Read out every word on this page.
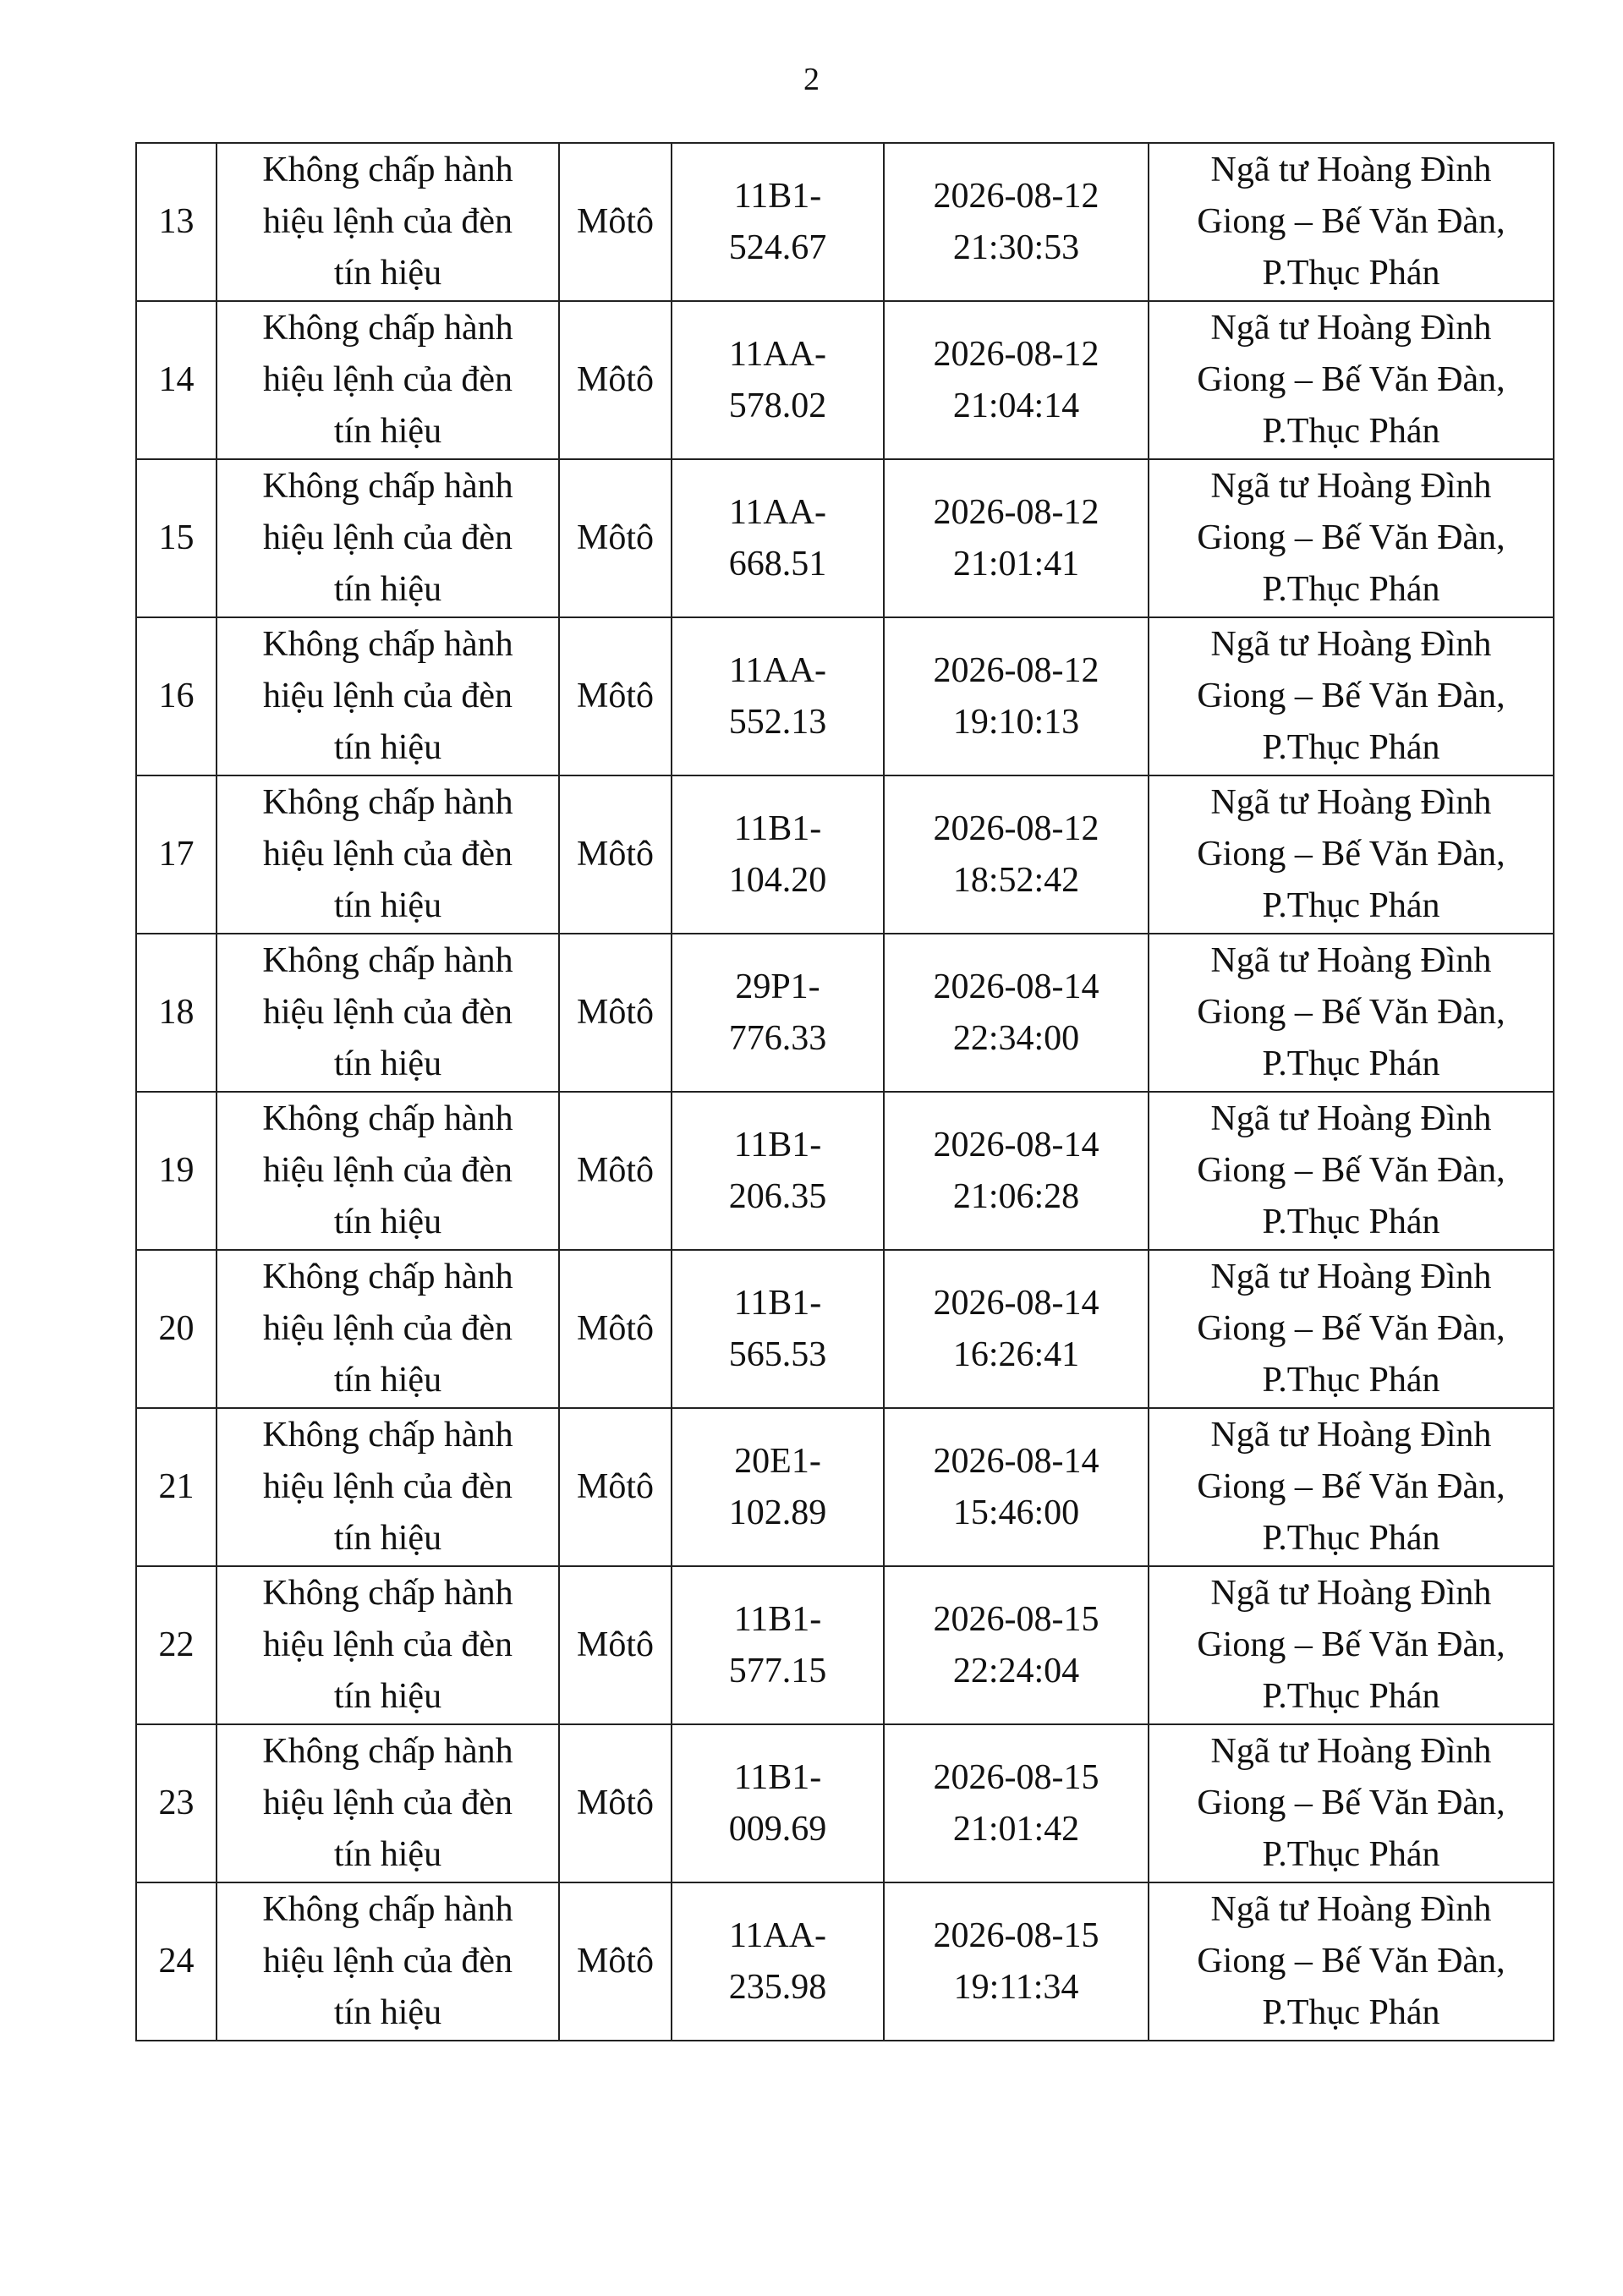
2
13	Không chấp hành
hiệu lệnh của đèn
tín hiệu	Môtô	11B1-
524.67	2026-08-12
21:30:53	Ngã tư Hoàng Đình
Giong – Bế Văn Đàn,
P.Thục Phán

14	Không chấp hành
hiệu lệnh của đèn
tín hiệu	Môtô	11AA-
578.02	2026-08-12
21:04:14	Ngã tư Hoàng Đình
Giong – Bế Văn Đàn,
P.Thục Phán

15	Không chấp hành
hiệu lệnh của đèn
tín hiệu	Môtô	11AA-
668.51	2026-08-12
21:01:41	Ngã tư Hoàng Đình
Giong – Bế Văn Đàn,
P.Thục Phán

16	Không chấp hành
hiệu lệnh của đèn
tín hiệu	Môtô	11AA-
552.13	2026-08-12
19:10:13	Ngã tư Hoàng Đình
Giong – Bế Văn Đàn,
P.Thục Phán

17	Không chấp hành
hiệu lệnh của đèn
tín hiệu	Môtô	11B1-
104.20	2026-08-12
18:52:42	Ngã tư Hoàng Đình
Giong – Bế Văn Đàn,
P.Thục Phán

18	Không chấp hành
hiệu lệnh của đèn
tín hiệu	Môtô	29P1-
776.33	2026-08-14
22:34:00	Ngã tư Hoàng Đình
Giong – Bế Văn Đàn,
P.Thục Phán

19	Không chấp hành
hiệu lệnh của đèn
tín hiệu	Môtô	11B1-
206.35	2026-08-14
21:06:28	Ngã tư Hoàng Đình
Giong – Bế Văn Đàn,
P.Thục Phán

20	Không chấp hành
hiệu lệnh của đèn
tín hiệu	Môtô	11B1-
565.53	2026-08-14
16:26:41	Ngã tư Hoàng Đình
Giong – Bế Văn Đàn,
P.Thục Phán

21	Không chấp hành
hiệu lệnh của đèn
tín hiệu	Môtô	20E1-
102.89	2026-08-14
15:46:00	Ngã tư Hoàng Đình
Giong – Bế Văn Đàn,
P.Thục Phán

22	Không chấp hành
hiệu lệnh của đèn
tín hiệu	Môtô	11B1-
577.15	2026-08-15
22:24:04	Ngã tư Hoàng Đình
Giong – Bế Văn Đàn,
P.Thục Phán

23	Không chấp hành
hiệu lệnh của đèn
tín hiệu	Môtô	11B1-
009.69	2026-08-15
21:01:42	Ngã tư Hoàng Đình
Giong – Bế Văn Đàn,
P.Thục Phán

24	Không chấp hành
hiệu lệnh của đèn
tín hiệu	Môtô	11AA-
235.98	2026-08-15
19:11:34	Ngã tư Hoàng Đình
Giong – Bế Văn Đàn,
P.Thục Phán
